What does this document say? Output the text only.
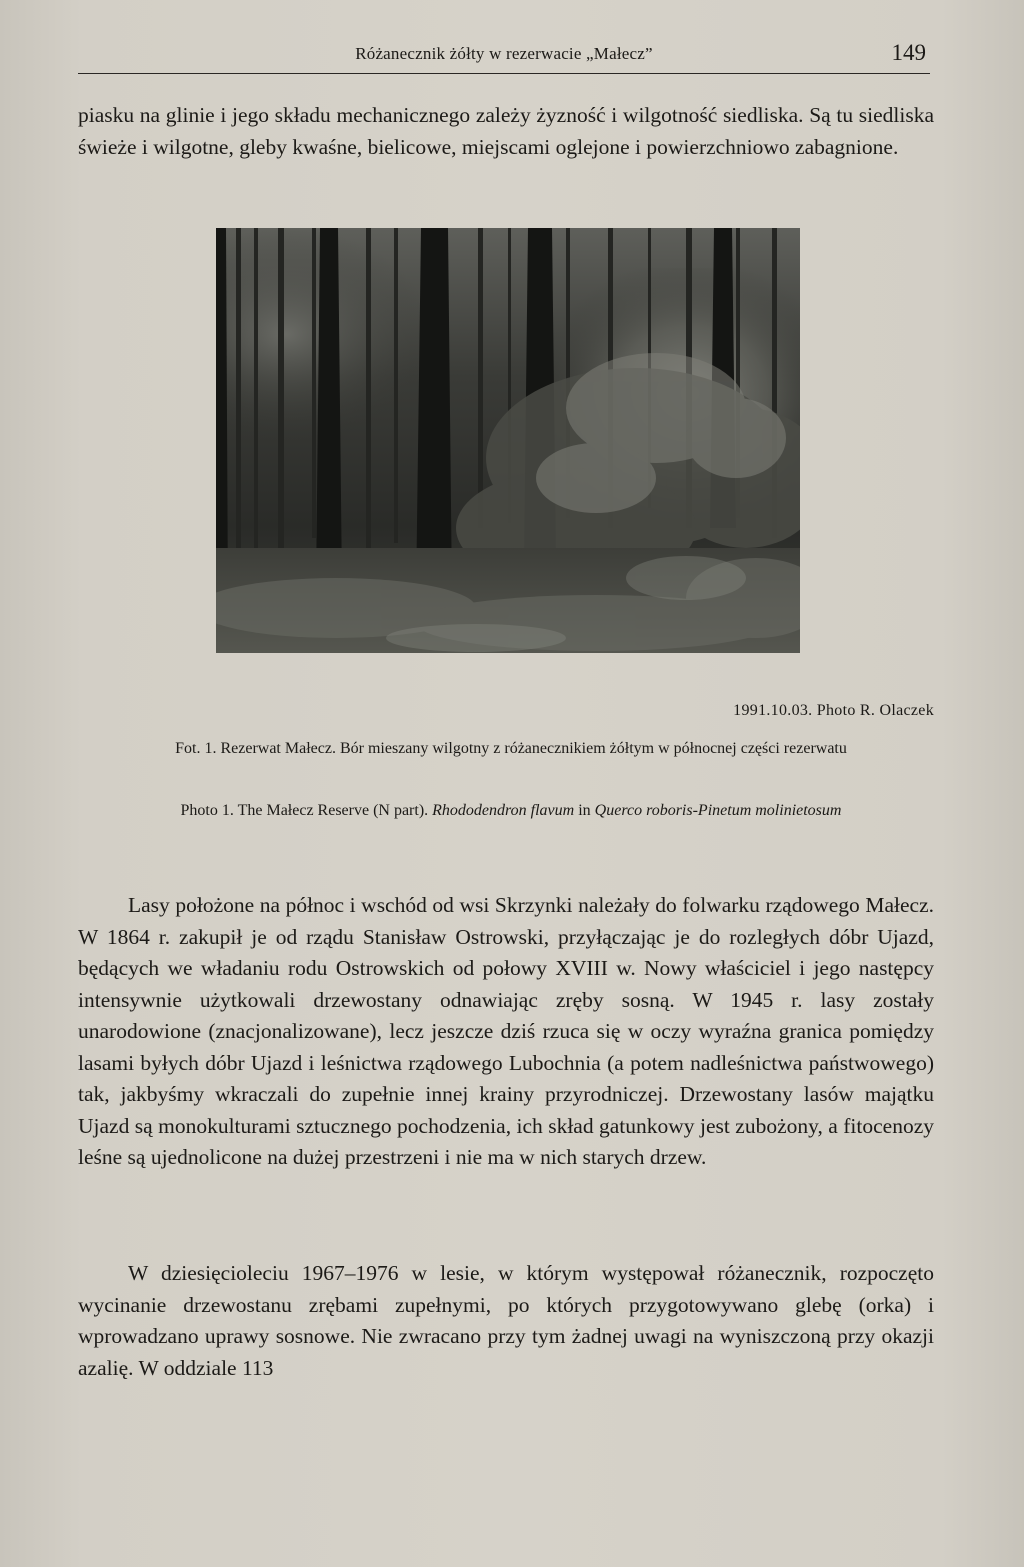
Różanecznik żółty w rezerwacie „Małecz”	149

piasku na glinie i jego składu mechanicznego zależy żyzność i wilgotność siedliska. Są tu siedliska świeże i wilgotne, gleby kwaśne, bielicowe, miejscami oglejone i powierzchniowo zabagnione.

1991.10.03. Photo R. Olaczek

Fot. 1. Rezerwat Małecz. Bór mieszany wilgotny z różanecznikiem żółtym w północnej części rezerwatu

Photo 1. The Małecz Reserve (N part). Rhododendron flavum in Querco roboris-Pinetum molinietosum

Lasy położone na północ i wschód od wsi Skrzynki należały do folwarku rządowego Małecz. W 1864 r. zakupił je od rządu Stanisław Ostrowski, przyłączając je do rozległych dóbr Ujazd, będących we władaniu rodu Ostrowskich od połowy XVIII w. Nowy właściciel i jego następcy intensywnie użytkowali drzewostany odnawiając zręby sosną. W 1945 r. lasy zostały unarodowione (znacjonalizowane), lecz jeszcze dziś rzuca się w oczy wyraźna granica pomiędzy lasami byłych dóbr Ujazd i leśnictwa rządowego Lubochnia (a potem nadleśnictwa państwowego) tak, jakbyśmy wkraczali do zupełnie innej krainy przyrodniczej. Drzewostany lasów majątku Ujazd są monokulturami sztucznego pochodzenia, ich skład gatunkowy jest zubożony, a fitocenozy leśne są ujednolicone na dużej przestrzeni i nie ma w nich starych drzew.

W dziesięcioleciu 1967–1976 w lesie, w którym występował różanecznik, rozpoczęto wycinanie drzewostanu zrębami zupełnymi, po których przygotowywano glebę (orka) i wprowadzano uprawy sosnowe. Nie zwracano przy tym żadnej uwagi na wyniszczoną przy okazji azalię. W oddziale 113
